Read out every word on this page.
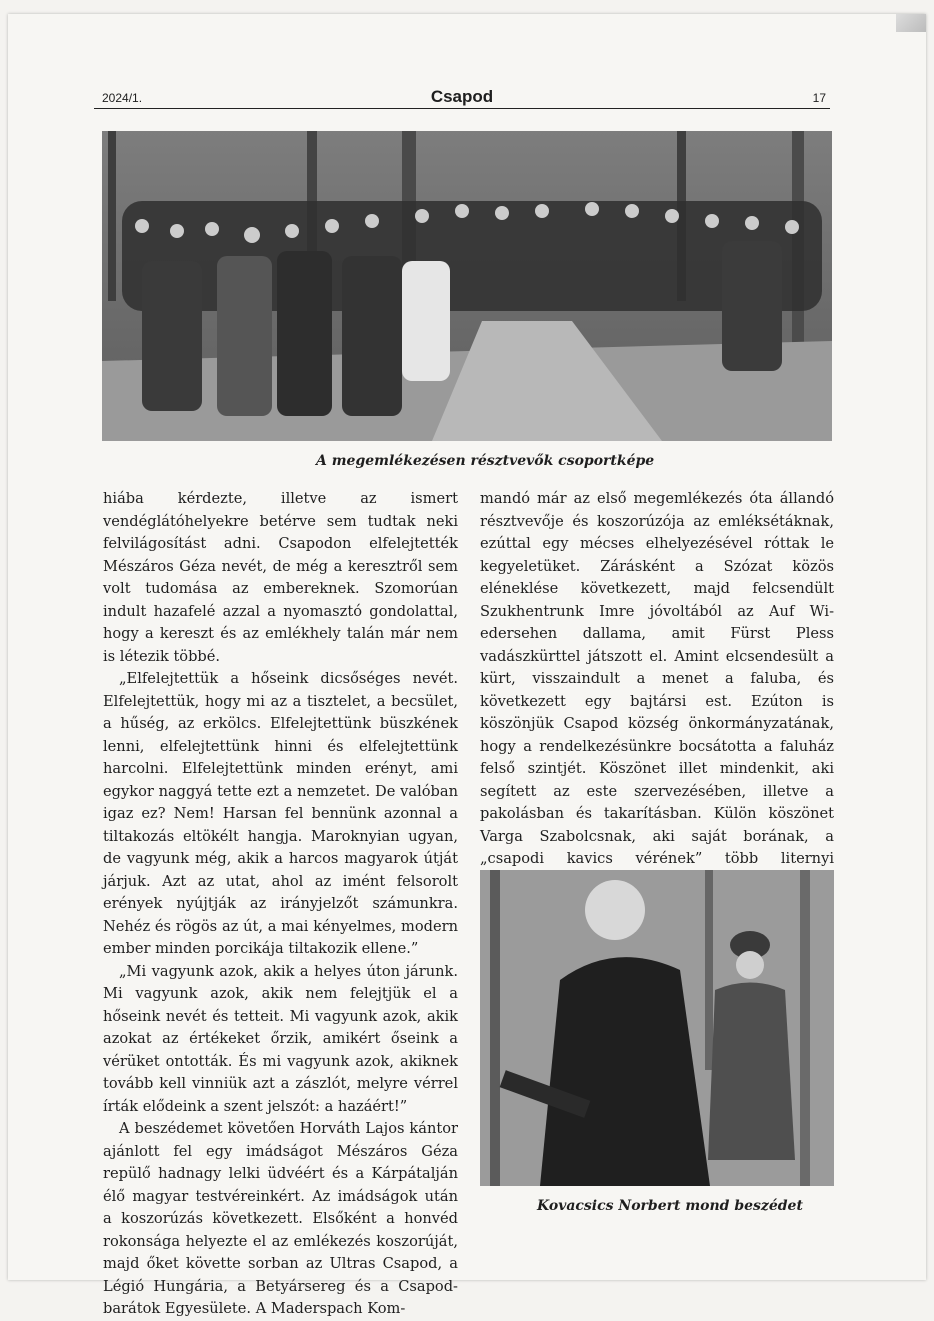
2024/1.	Csapod	17
A megemlékezésen résztvevők csoportképe

hiába kérdezte, illetve az ismert vendéglátóhelyekre betérve sem tudtak neki felvilágosítást adni. Csapodon elfelejtették Mészáros Géza nevét, de még a keresztről sem volt tudomása az embereknek. Szomorúan indult hazafelé azzal a nyomasztó gondolattal, hogy a kereszt és az emlékhely talán már nem is létezik többé.

„Elfelejtettük a hőseink dicsőséges nevét. Elfelejtettük, hogy mi az a tisztelet, a becsület, a hűség, az erkölcs. Elfelejtettünk büszkének lenni, elfelejtettünk hinni és elfelejtettünk harcolni. Elfelejtettünk minden erényt, ami egykor naggyá tette ezt a nemzetet. De valóban igaz ez? Nem! Harsan fel bennünk azonnal a tiltakozás eltökélt hangja. Maroknyian ugyan, de vagyunk még, akik a harcos magyarok útját járjuk. Azt az utat, ahol az imént felsorolt erények nyújtják az irányjelzőt számunkra. Nehéz és rögös az út, a mai kényelmes, modern ember minden porcikája tiltakozik ellene.”

„Mi vagyunk azok, akik a helyes úton járunk. Mi vagyunk azok, akik nem felejtjük el a hőseink nevét és tetteit. Mi vagyunk azok, akik azokat az értékeket őrzik, amikért őseink a vérüket ontották. És mi vagyunk azok, akiknek tovább kell vinniük azt a zászlót, melyre vérrel írták elődeink a szent jelszót: a hazáért!”

A beszédemet követően Horváth Lajos kántor ajánlott fel egy imádságot Mészáros Géza repülő hadnagy lelki üdvéért és a Kárpátalján élő magyar testvéreinkért. Az imádságok után a koszorúzás következett. Elsőként a honvéd rokonsága helyezte el az emlékezés koszorúját, majd őket követte sorban az Ultras Csapod, a Légió Hungária, a Betyársereg és a Csapod-barátok Egyesülete. A Maderspach Kom-

mandó már az első megemlékezés óta állandó résztvevője és koszorúzója az emléksétáknak, ezúttal egy mécses elhelyezésével róttak le kegyeletüket. Zárásként a Szózat közös eléneklése következett, majd felcsendült Szukhentrunk Imre jóvoltából az Auf Wiedersehen dallama, amit Fürst Pless vadászkürttel játszott el. Amint elcsendesült a kürt, visszaindult a menet a faluba, és következett egy bajtársi est. Ezúton is köszönjük Csapod község önkormányzatának, hogy a rendelkezésünkre bocsátotta a faluház felső szintjét. Köszönet illet mindenkit, aki segített az este szervezésében, illetve a pakolásban és takarításban. Külön köszönet Varga Szabolcsnak, aki saját borának, a „csapodi kavics vérének” több liternyi

Kovacsics Norbert mond beszédet
